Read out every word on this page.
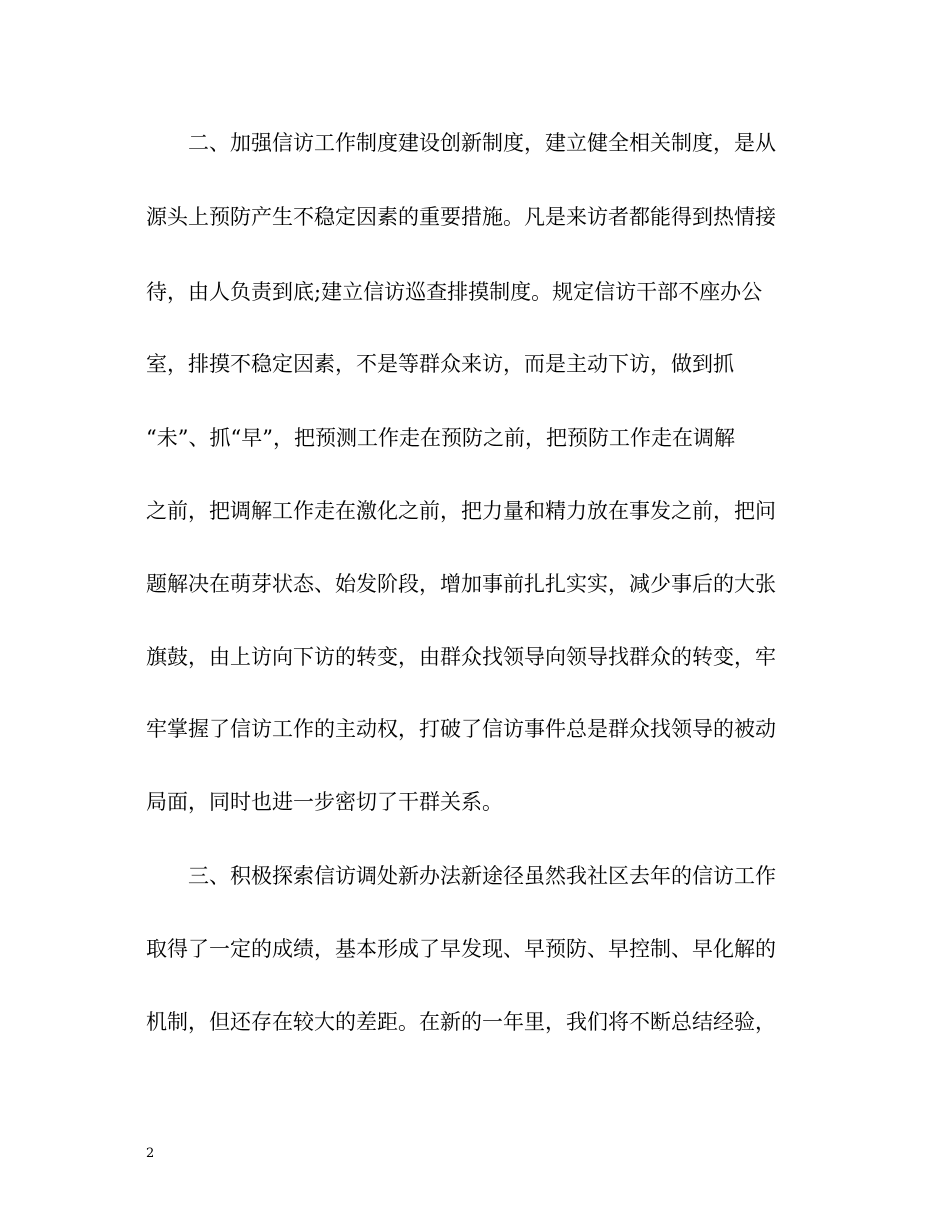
二、加强信访工作制度建设创新制度，建立健全相关制度，是从
源头上预防产生不稳定因素的重要措施。凡是来访者都能得到热情接
待，由人负责到底;建立信访巡查排摸制度。规定信访干部不座办公
室，排摸不稳定因素，不是等群众来访，而是主动下访，做到抓
“未”、抓“早”，把预测工作走在预防之前，把预防工作走在调解
之前，把调解工作走在激化之前，把力量和精力放在事发之前，把问
题解决在萌芽状态、始发阶段，增加事前扎扎实实，减少事后的大张
旗鼓，由上访向下访的转变，由群众找领导向领导找群众的转变，牢
牢掌握了信访工作的主动权，打破了信访事件总是群众找领导的被动
局面，同时也进一步密切了干群关系。
三、积极探索信访调处新办法新途径虽然我社区去年的信访工作
取得了一定的成绩，基本形成了早发现、早预防、早控制、早化解的
机制，但还存在较大的差距。在新的一年里，我们将不断总结经验，
2
